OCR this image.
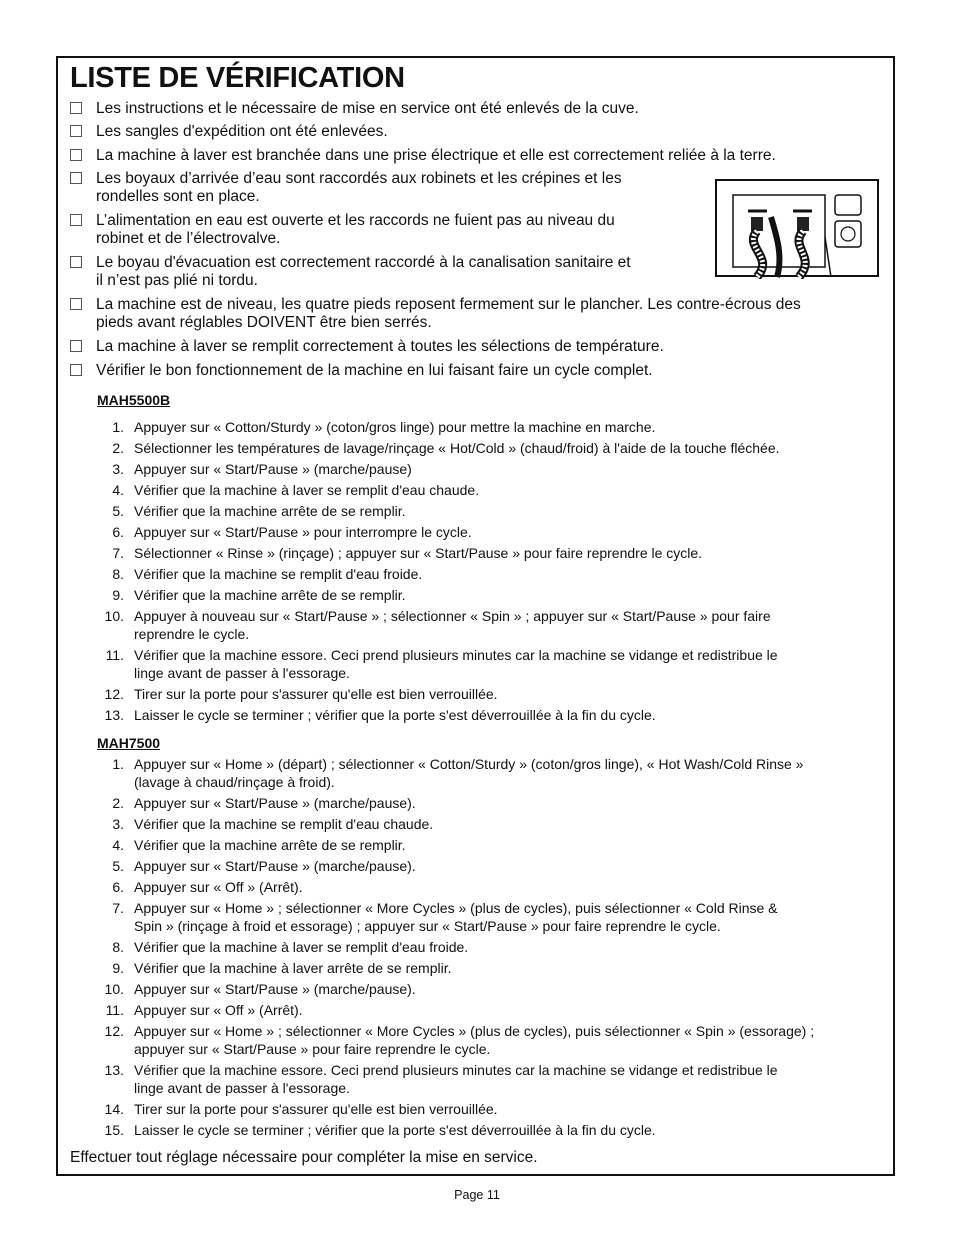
LISTE DE VÉRIFICATION
Les instructions et le nécessaire de mise en service ont été enlevés de la cuve.
Les sangles d'expédition ont été enlevées.
La machine à laver est branchée dans une prise électrique et elle est correctement reliée à la terre.
Les boyaux d’arrivée d’eau sont raccordés aux robinets et les crépines et les
rondelles sont en place.
L’alimentation en eau est ouverte et les raccords ne fuient pas au niveau du
robinet et de l’électrovalve.
Le boyau d'évacuation est correctement raccordé à la canalisation sanitaire et
il n’est pas plié ni tordu.
La machine est de niveau, les quatre pieds reposent fermement sur le plancher. Les contre-écrous des
pieds avant réglables DOIVENT être bien serrés.
La machine à laver se remplit correctement à toutes les sélections de température.
Vérifier le bon fonctionnement de la machine en lui faisant faire un cycle complet.
MAH5500B
1. Appuyer sur « Cotton/Sturdy » (coton/gros linge) pour mettre la machine en marche.
2. Sélectionner les températures de lavage/rinçage « Hot/Cold » (chaud/froid) à l'aide de la touche fléchée.
3. Appuyer sur « Start/Pause » (marche/pause)
4. Vérifier que la machine à laver se remplit d'eau chaude.
5. Vérifier que la machine arrête de se remplir.
6. Appuyer sur « Start/Pause » pour interrompre le cycle.
7. Sélectionner « Rinse » (rinçage) ; appuyer sur « Start/Pause » pour faire reprendre le cycle.
8. Vérifier que la machine se remplit d'eau froide.
9. Vérifier que la machine arrête de se remplir.
10. Appuyer à nouveau sur « Start/Pause » ; sélectionner « Spin » ; appuyer sur « Start/Pause » pour faire
reprendre le cycle.
11. Vérifier que la machine essore. Ceci prend plusieurs minutes car la machine se vidange et redistribue le
linge avant de passer à l'essorage.
12. Tirer sur la porte pour s'assurer qu'elle est bien verrouillée.
13. Laisser le cycle se terminer ; vérifier que la porte s'est déverrouillée à la fin du cycle.
MAH7500
1. Appuyer sur « Home » (départ) ; sélectionner « Cotton/Sturdy » (coton/gros linge), « Hot Wash/Cold Rinse »
(lavage à chaud/rinçage à froid).
2. Appuyer sur « Start/Pause » (marche/pause).
3. Vérifier que la machine se remplit d'eau chaude.
4. Vérifier que la machine arrête de se remplir.
5. Appuyer sur « Start/Pause » (marche/pause).
6. Appuyer sur « Off » (Arrêt).
7. Appuyer sur « Home » ; sélectionner « More Cycles » (plus de cycles), puis sélectionner « Cold Rinse &
Spin » (rinçage à froid et essorage) ; appuyer sur « Start/Pause » pour faire reprendre le cycle.
8. Vérifier que la machine à laver se remplit d'eau froide.
9. Vérifier que la machine à laver arrête de se remplir.
10. Appuyer sur « Start/Pause » (marche/pause).
11. Appuyer sur « Off » (Arrêt).
12. Appuyer sur « Home » ; sélectionner « More Cycles » (plus de cycles), puis sélectionner « Spin » (essorage) ;
appuyer sur « Start/Pause » pour faire reprendre le cycle.
13. Vérifier que la machine essore. Ceci prend plusieurs minutes car la machine se vidange et redistribue le
linge avant de passer à l'essorage.
14. Tirer sur la porte pour s'assurer qu'elle est bien verrouillée.
15. Laisser le cycle se terminer ; vérifier que la porte s'est déverrouillée à la fin du cycle.
Effectuer tout réglage nécessaire pour compléter la mise en service.
Page 11
